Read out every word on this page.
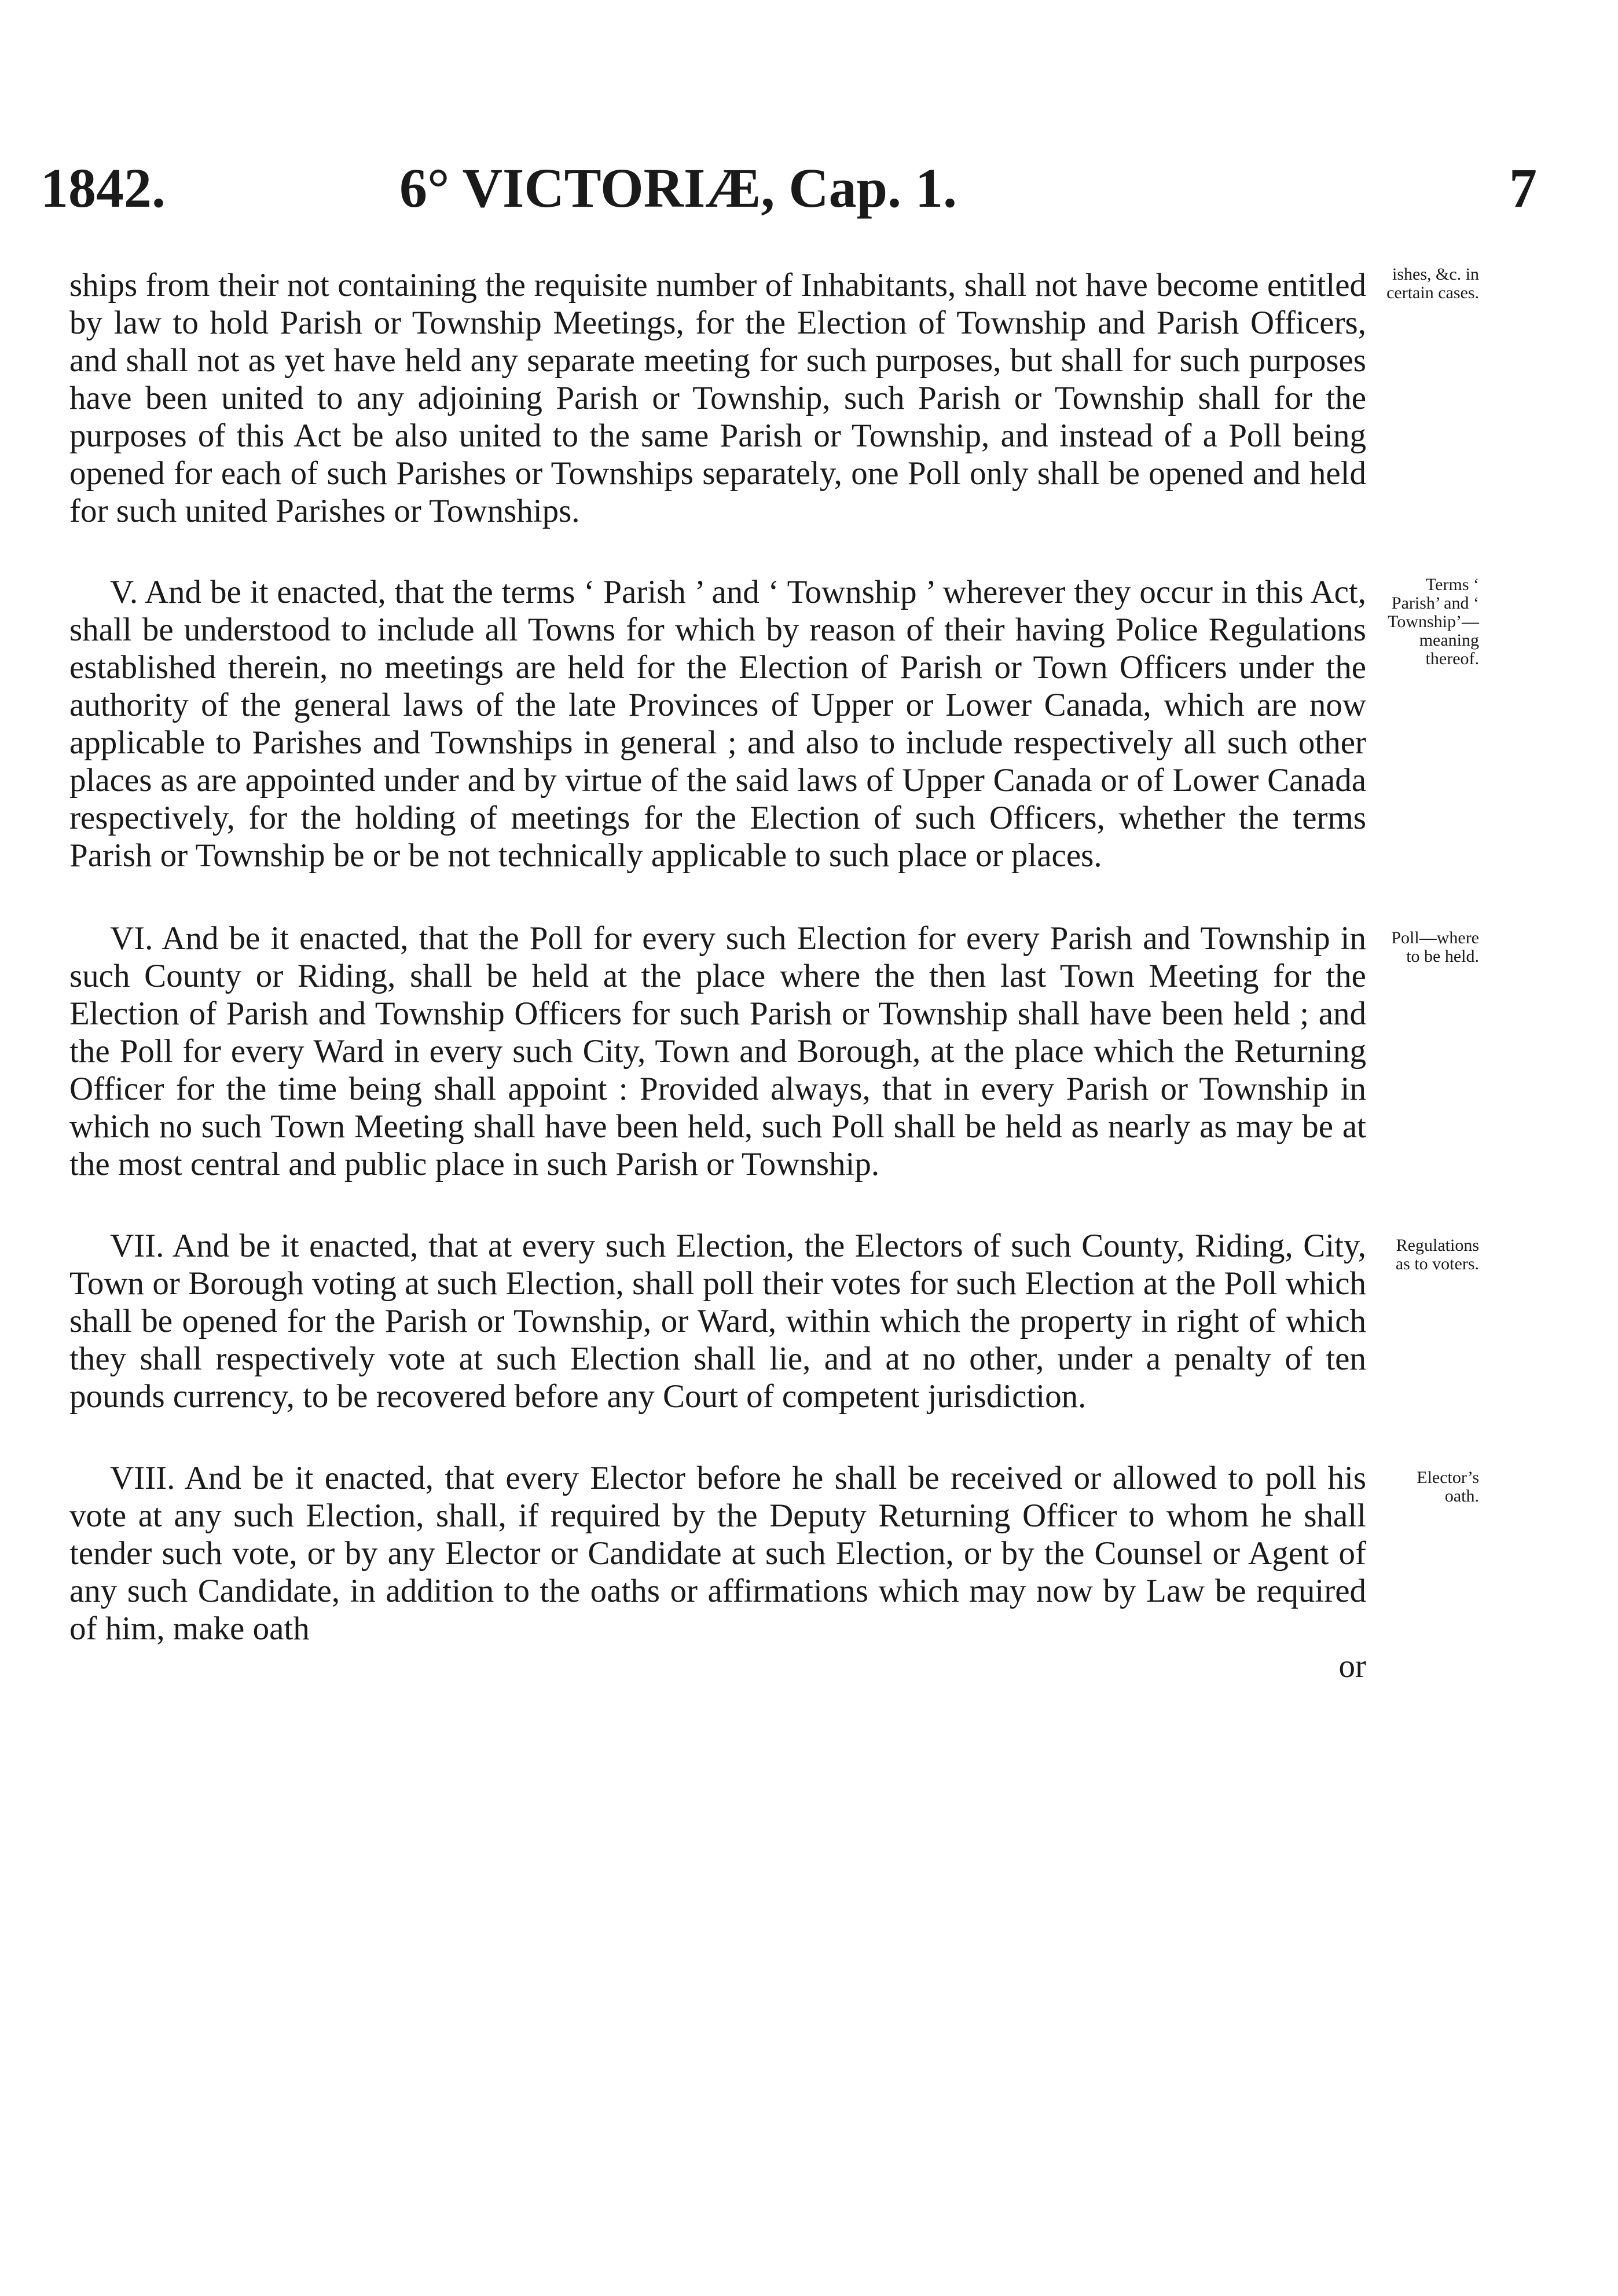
1842.	6° VICTORIÆ, Cap. 1.	7

ships from their not containing the requisite number of Inhabitants, shall not have become entitled by law to hold Parish or Township Meetings, for the Election of Township and Parish Officers, and shall not as yet have held any separate meeting for such purposes, but shall for such purposes have been united to any adjoining Parish or Township, such Parish or Township shall for the purposes of this Act be also united to the same Parish or Township, and instead of a Poll being opened for each of such Parishes or Townships separately, one Poll only shall be opened and held for such united Parishes or Townships.
ishes, &c. in certain cases.

V. And be it enacted, that the terms ‘ Parish ’ and ‘ Township ’ wherever they occur in this Act, shall be understood to include all Towns for which by reason of their having Police Regulations established therein, no meetings are held for the Election of Parish or Town Officers under the authority of the general laws of the late Provinces of Upper or Lower Canada, which are now applicable to Parishes and Townships in general ; and also to include respectively all such other places as are appointed under and by virtue of the said laws of Upper Canada or of Lower Canada respectively, for the holding of meetings for the Election of such Officers, whether the terms Parish or Township be or be not technically applicable to such place or places.
Terms ‘ Parish’ and ‘ Township’—meaning thereof.

VI. And be it enacted, that the Poll for every such Election for every Parish and Township in such County or Riding, shall be held at the place where the then last Town Meeting for the Election of Parish and Township Officers for such Parish or Township shall have been held ; and the Poll for every Ward in every such City, Town and Borough, at the place which the Returning Officer for the time being shall appoint : Provided always, that in every Parish or Township in which no such Town Meeting shall have been held, such Poll shall be held as nearly as may be at the most central and public place in such Parish or Township.
Poll—where to be held.

VII. And be it enacted, that at every such Election, the Electors of such County, Riding, City, Town or Borough voting at such Election, shall poll their votes for such Election at the Poll which shall be opened for the Parish or Township, or Ward, within which the property in right of which they shall respectively vote at such Election shall lie, and at no other, under a penalty of ten pounds currency, to be recovered before any Court of competent jurisdiction.
Regulations as to voters.

VIII. And be it enacted, that every Elector before he shall be received or allowed to poll his vote at any such Election, shall, if required by the Deputy Returning Officer to whom he shall tender such vote, or by any Elector or Candidate at such Election, or by the Counsel or Agent of any such Candidate, in addition to the oaths or affirmations which may now by Law be required of him, make oath
Elector’s oath.

or
